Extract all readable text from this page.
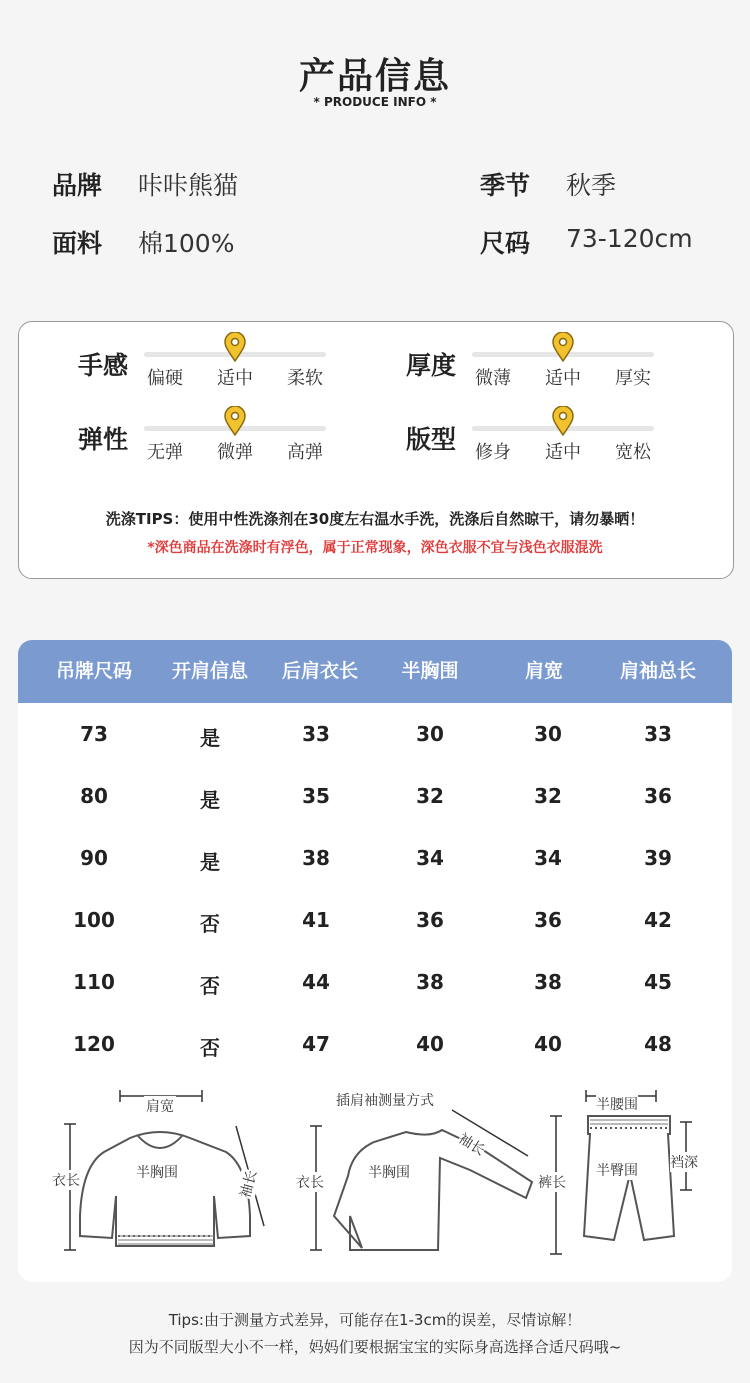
产品信息
* PRODUCE INFO *
品牌 咔咔熊猫	季节 秋季
面料 棉100%	尺码 73-120cm
手感	偏硬	适中	柔软	厚度	微薄	适中	厚实
弹性	无弹	微弹	高弹	版型	修身	适中	宽松
洗涤TIPS：使用中性洗涤剂在30度左右温水手洗，洗涤后自然晾干，请勿暴晒！
*深色商品在洗涤时有浮色，属于正常现象，深色衣服不宜与浅色衣服混洗
吊牌尺码	开肩信息	后肩衣长	半胸围	肩宽	肩袖总长
73	是	33	30	30	33
80	是	35	32	32	36
90	是	38	34	34	39
100	否	41	36	36	42
110	否	44	38	38	45
120	否	47	40	40	48
肩宽
衣长	半胸围	袖长
插肩袖测量方式
衣长
半胸围
袖长
半腰围
裤长
半臀围 裆深
Tips:由于测量方式差异，可能存在1-3cm的误差，尽情谅解！
因为不同版型大小不一样，妈妈们要根据宝宝的实际身高选择合适尺码哦~
